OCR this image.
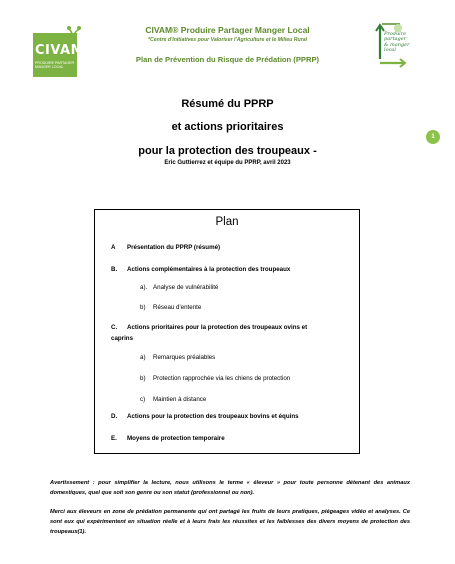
CIVAM
PRODUIRE PARTAGER MANGER LOCAL
CIVAM® Produire Partager Manger Local
*Centre d'Initiatives pour Valoriser l'Agriculture et le Milieu Rural
Plan de Prévention du Risque de Prédation (PPRP)
Produire
partager
& manger
local
Résumé du PPRP
et actions prioritaires
pour la protection des troupeaux -
Eric Guttierrez et équipe du PPRP, avril 2023
1
Plan
A Présentation du PPRP (résumé)
B. Actions complémentaires à la protection des troupeaux
a). Analyse de vulnérabilité
b) Réseau d'entente
C. Actions prioritaires pour la protection des troupeaux ovins et
caprins
a) Remarques préalables
b) Protection rapprochée via les chiens de protection
c) Maintien à distance
D. Actions pour la protection des troupeaux bovins et équins
E. Moyens de protection temporaire
Avertissement : pour simplifier la lecture, nous utilisons le terme « éleveur » pour toute personne détenant des animaux domestiques, quel que soit son genre ou son statut (professionnel ou non).
Merci aux éleveurs en zone de prédation permanente qui ont partagé les fruits de leurs pratiques, piégeages vidéo et analyses. Ce sont eux qui expérimentent en situation réelle et à leurs frais les réussites et les faiblesses des divers moyens de protection des troupeaux(1).
